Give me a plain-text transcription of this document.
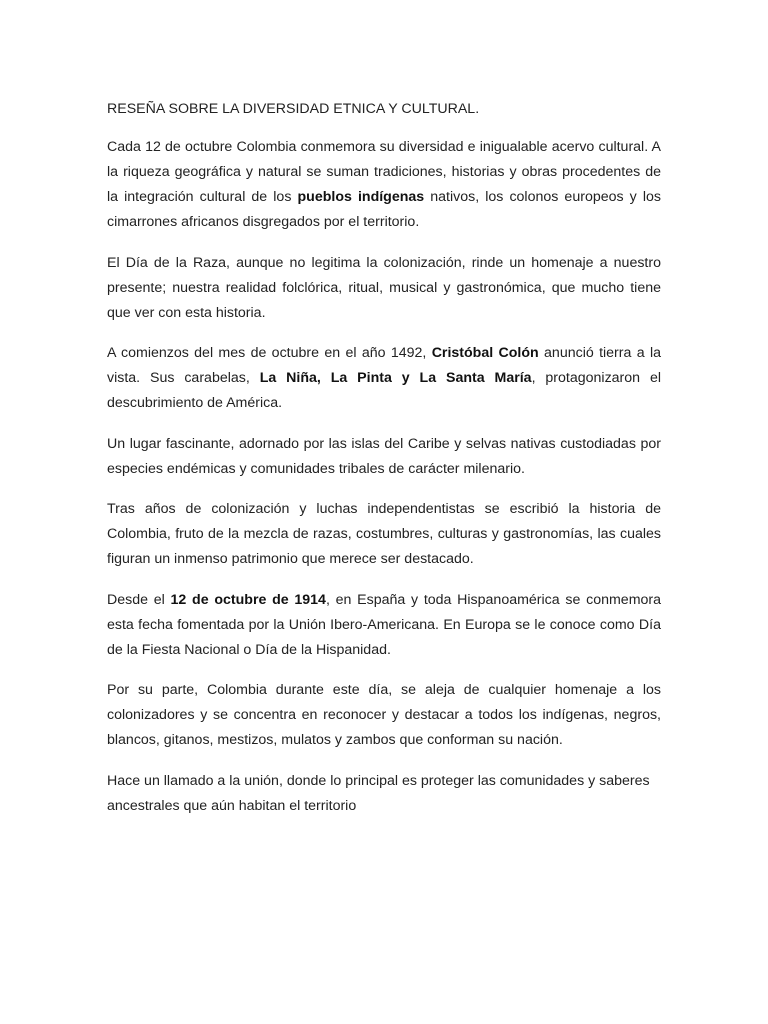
RESEÑA SOBRE LA DIVERSIDAD ETNICA Y CULTURAL.

Cada 12 de octubre Colombia conmemora su diversidad e inigualable acervo cultural. A la riqueza geográfica y natural se suman tradiciones, historias y obras procedentes de la integración cultural de los pueblos indígenas nativos, los colonos europeos y los cimarrones africanos disgregados por el territorio.

El Día de la Raza, aunque no legitima la colonización, rinde un homenaje a nuestro presente; nuestra realidad folclórica, ritual, musical y gastronómica, que mucho tiene que ver con esta historia.

A comienzos del mes de octubre en el año 1492, Cristóbal Colón anunció tierra a la vista. Sus carabelas, La Niña, La Pinta y La Santa María, protagonizaron el descubrimiento de América.

Un lugar fascinante, adornado por las islas del Caribe y selvas nativas custodiadas por especies endémicas y comunidades tribales de carácter milenario.

Tras años de colonización y luchas independentistas se escribió la historia de Colombia, fruto de la mezcla de razas, costumbres, culturas y gastronomías, las cuales figuran un inmenso patrimonio que merece ser destacado.

Desde el 12 de octubre de 1914, en España y toda Hispanoamérica se conmemora esta fecha fomentada por la Unión Ibero-Americana. En Europa se le conoce como Día de la Fiesta Nacional o Día de la Hispanidad.

Por su parte, Colombia durante este día, se aleja de cualquier homenaje a los colonizadores y se concentra en reconocer y destacar a todos los indígenas, negros, blancos, gitanos, mestizos, mulatos y zambos que conforman su nación.

Hace un llamado a la unión, donde lo principal es proteger las comunidades y saberes ancestrales que aún habitan el territorio
